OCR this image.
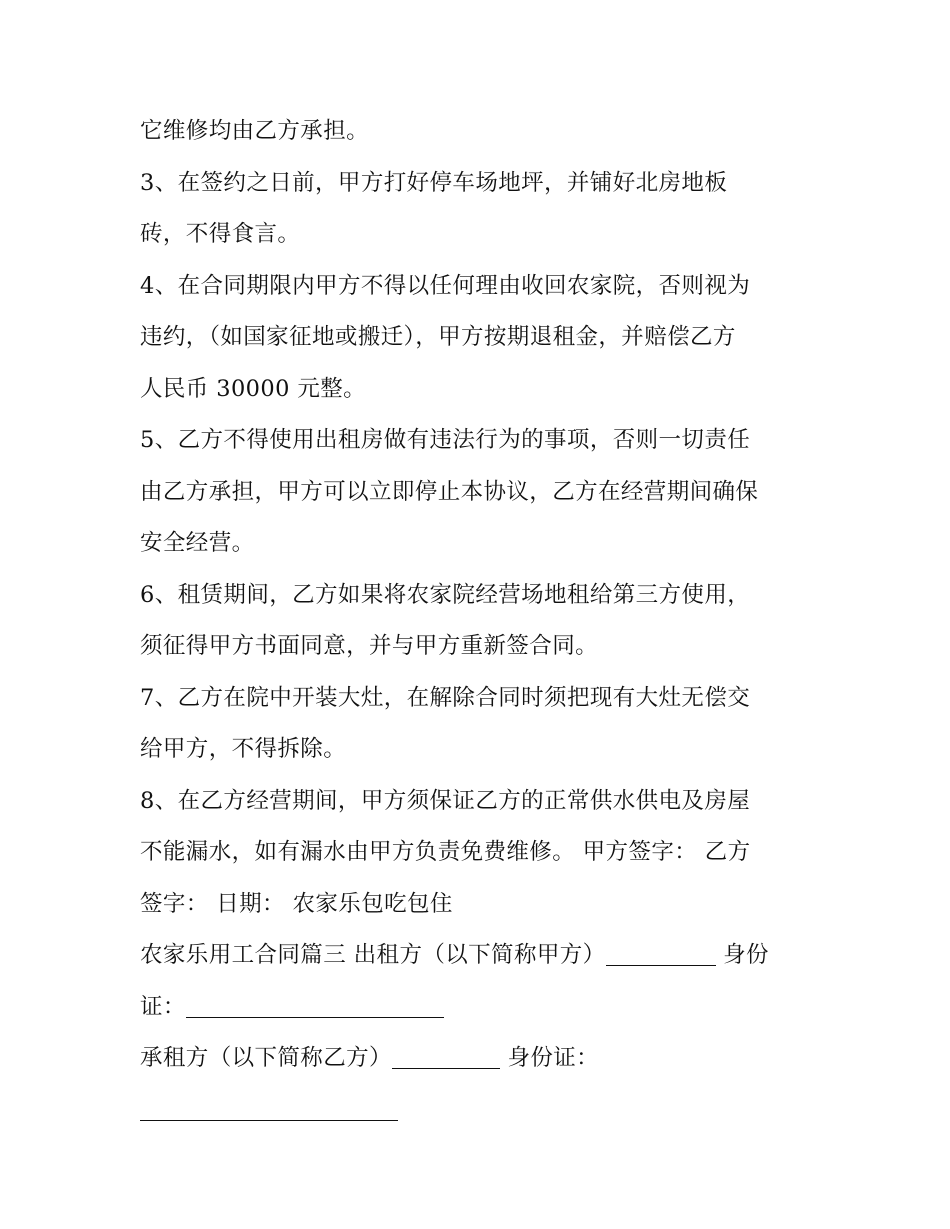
它维修均由乙方承担。
3、在签约之日前，甲方打好停车场地坪，并铺好北房地板
砖，不得食言。
4、在合同期限内甲方不得以任何理由收回农家院，否则视为
违约，（如国家征地或搬迁），甲方按期退租金，并赔偿乙方
人民币 30000 元整。
5、乙方不得使用出租房做有违法行为的事项，否则一切责任
由乙方承担，甲方可以立即停止本协议，乙方在经营期间确保
安全经营。
6、租赁期间，乙方如果将农家院经营场地租给第三方使用，
须征得甲方书面同意，并与甲方重新签合同。
7、乙方在院中开装大灶，在解除合同时须把现有大灶无偿交
给甲方，不得拆除。
8、在乙方经营期间，甲方须保证乙方的正常供水供电及房屋
不能漏水，如有漏水由甲方负责免费维修。 甲方签字： 乙方
签字： 日期： 农家乐包吃包住
农家乐用工合同篇三 出租方（以下简称甲方）	身份
证：
承租方（以下简称乙方）	身份证：
